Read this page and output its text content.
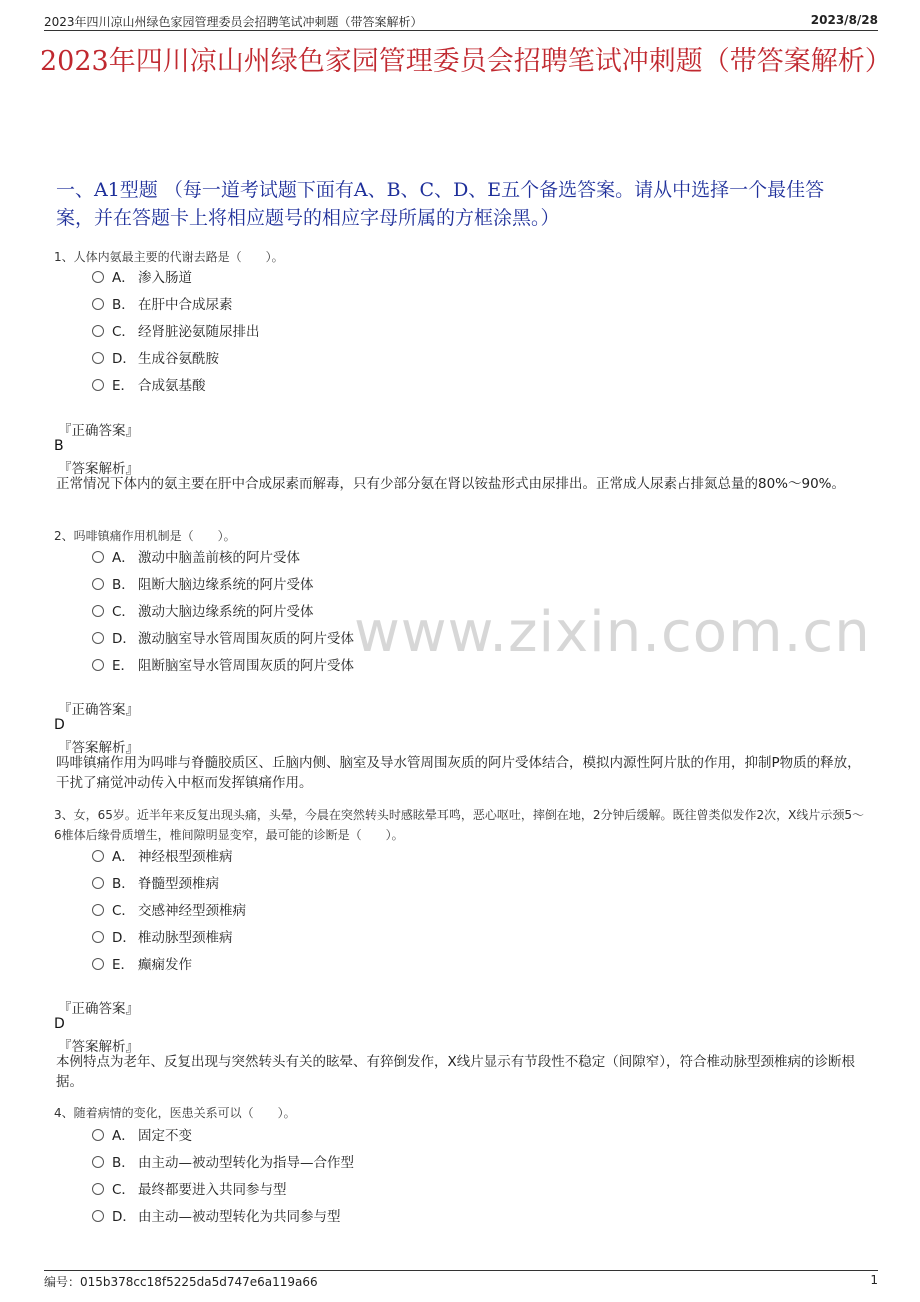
2023年四川凉山州绿色家园管理委员会招聘笔试冲刺题（带答案解析）	2023/8/28
2023年四川凉山州绿色家园管理委员会招聘笔试冲刺题（带答案解析）
一、A1型题 （每一道考试题下面有A、B、C、D、E五个备选答案。请从中选择一个最佳答案，并在答题卡上将相应题号的相应字母所属的方框涂黑。）
www.zixin.com.cn
1、人体内氨最主要的代谢去路是（　　）。
A． 渗入肠道
B． 在肝中合成尿素
C． 经肾脏泌氨随尿排出
D． 生成谷氨酰胺
E． 合成氨基酸
『正确答案』
B
『答案解析』
正常情况下体内的氨主要在肝中合成尿素而解毒，只有少部分氨在肾以铵盐形式由尿排出。正常成人尿素占排氮总量的80%～90%。
2、吗啡镇痛作用机制是（　　）。
A． 激动中脑盖前核的阿片受体
B． 阻断大脑边缘系统的阿片受体
C． 激动大脑边缘系统的阿片受体
D． 激动脑室导水管周围灰质的阿片受体
E． 阻断脑室导水管周围灰质的阿片受体
『正确答案』
D
『答案解析』
吗啡镇痛作用为吗啡与脊髓胶质区、丘脑内侧、脑室及导水管周围灰质的阿片受体结合，模拟内源性阿片肽的作用，抑制P物质的释放，干扰了痛觉冲动传入中枢而发挥镇痛作用。
3、女，65岁。近半年来反复出现头痛，头晕，今晨在突然转头时感眩晕耳鸣，恶心呕吐，摔倒在地，2分钟后缓解。既往曾类似发作2次，X线片示颈5～6椎体后缘骨质增生，椎间隙明显变窄，最可能的诊断是（　　）。
A． 神经根型颈椎病
B． 脊髓型颈椎病
C． 交感神经型颈椎病
D． 椎动脉型颈椎病
E． 癫痫发作
『正确答案』
D
『答案解析』
本例特点为老年、反复出现与突然转头有关的眩晕、有猝倒发作，X线片显示有节段性不稳定（间隙窄），符合椎动脉型颈椎病的诊断根据。
4、随着病情的变化，医患关系可以（　　）。
A． 固定不变
B． 由主动—被动型转化为指导—合作型
C． 最终都要进入共同参与型
D． 由主动—被动型转化为共同参与型
编号：015b378cc18f5225da5d747e6a119a66	1
